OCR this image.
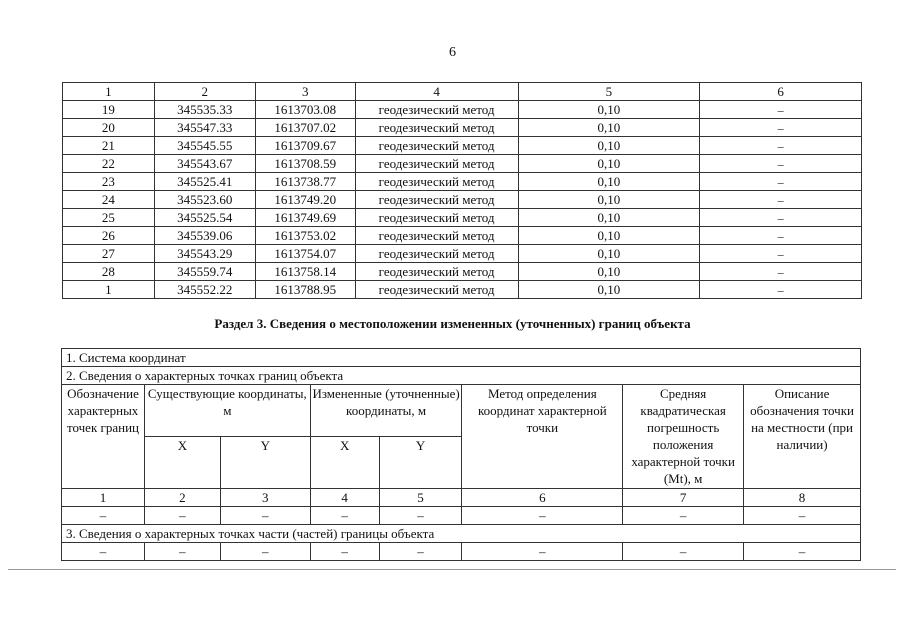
6
1	2	3	4	5	6
19	345535.33	1613703.08	геодезический метод	0,10	–
20	345547.33	1613707.02	геодезический метод	0,10	–
21	345545.55	1613709.67	геодезический метод	0,10	–
22	345543.67	1613708.59	геодезический метод	0,10	–
23	345525.41	1613738.77	геодезический метод	0,10	–
24	345523.60	1613749.20	геодезический метод	0,10	–
25	345525.54	1613749.69	геодезический метод	0,10	–
26	345539.06	1613753.02	геодезический метод	0,10	–
27	345543.29	1613754.07	геодезический метод	0,10	–
28	345559.74	1613758.14	геодезический метод	0,10	–
1	345552.22	1613788.95	геодезический метод	0,10	–
Раздел 3. Сведения о местоположении измененных (уточненных) границ объекта
1. Система координат							
2. Сведения о характерных точках границ объекта							
Обозначение характерных точек границ	Существующие координаты, м		Измененные (уточненные) координаты, м		Метод определения координат характерной точки	Средняя квадратическая погрешность положения характерной точки (Mt), м	Описание обозначения точки на местности (при наличии)
	X	Y	X	Y			
1	2	3	4	5	6	7	8
–	–	–	–	–	–	–	–
3. Сведения о характерных точках части (частей) границы объекта							
–	–	–	–	–	–	–	–
